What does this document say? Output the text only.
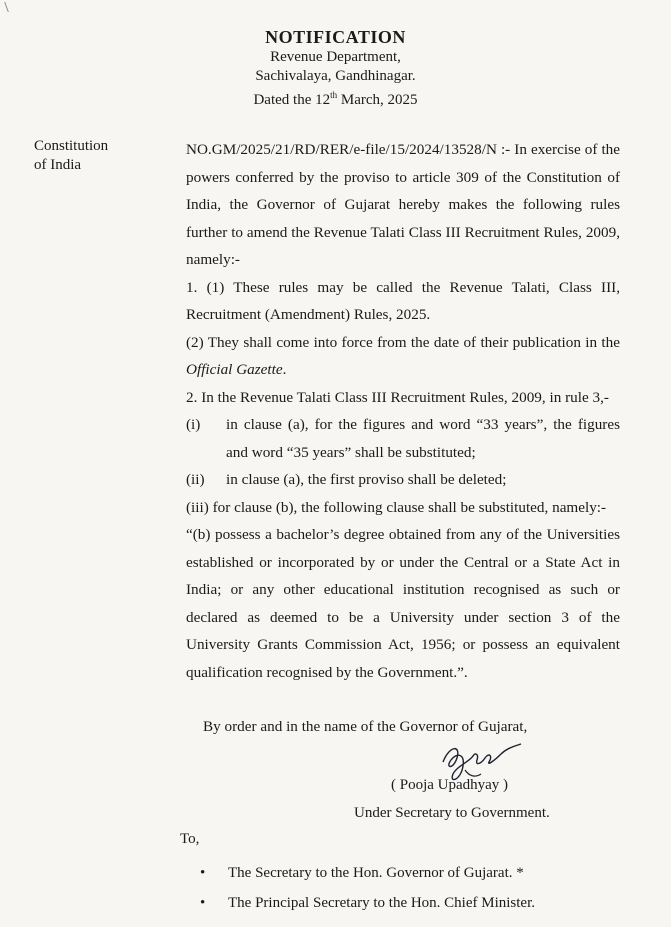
NOTIFICATION
Revenue Department,
Sachivalaya, Gandhinagar.
Dated the 12th March, 2025
Constitution
of India

NO.GM/2025/21/RD/RER/e-file/15/2024/13528/N :- In exercise of the powers conferred by the proviso to article 309 of the Constitution of India, the Governor of Gujarat hereby makes the following rules further to amend the Revenue Talati Class III Recruitment Rules, 2009, namely:-

1. (1) These rules may be called the Revenue Talati, Class III, Recruitment (Amendment) Rules, 2025.

(2) They shall come into force from the date of their publication in the Official Gazette.

2. In the Revenue Talati Class III Recruitment Rules, 2009, in rule 3,-

(i)	in clause (a), for the figures and word “33 years”, the figures and word “35 years” shall be substituted;
(ii)	in clause (a), the first proviso shall be deleted;

(iii) for clause (b), the following clause shall be substituted, namely:-

“(b) possess a bachelor’s degree obtained from any of the Universities established or incorporated by or under the Central or a State Act in India; or any other educational institution recognised as such or declared as deemed to be a University under section 3 of the University Grants Commission Act, 1956; or possess an equivalent qualification recognised by the Government.”.

By order and in the name of the Governor of Gujarat,
( Pooja Upadhyay )
Under Secretary to Government.
To,
•	The Secretary to the Hon. Governor of Gujarat. *
•	The Principal Secretary to the Hon. Chief Minister.
